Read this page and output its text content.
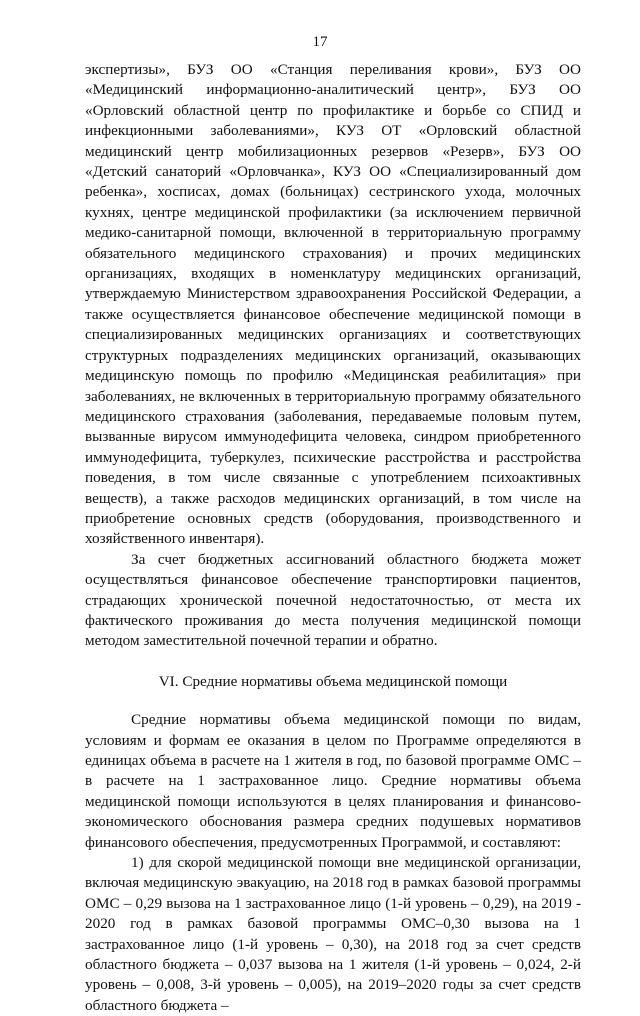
17

экспертизы», БУЗ ОО «Станция переливания крови», БУЗ ОО «Медицинский информационно-аналитический центр», БУЗ ОО «Орловский областной центр по профилактике и борьбе со СПИД и инфекционными заболеваниями», КУЗ ОТ «Орловский областной медицинский центр мобилизационных резервов «Резерв», БУЗ ОО «Детский санаторий «Орловчанка», КУЗ ОО «Специализированный дом ребенка», хосписах, домах (больницах) сестринского ухода, молочных кухнях, центре медицинской профилактики (за исключением первичной медико-санитарной помощи, включенной в территориальную программу обязательного медицинского страхования) и прочих медицинских организациях, входящих в номенклатуру медицинских организаций, утверждаемую Министерством здравоохранения Российской Федерации, а также осуществляется финансовое обеспечение медицинской помощи в специализированных медицинских организациях и соответствующих структурных подразделениях медицинских организаций, оказывающих медицинскую помощь по профилю «Медицинская реабилитация» при заболеваниях, не включенных в территориальную программу обязательного медицинского страхования (заболевания, передаваемые половым путем, вызванные вирусом иммунодефицита человека, синдром приобретенного иммунодефицита, туберкулез, психические расстройства и расстройства поведения, в том числе связанные с употреблением психоактивных веществ), а также расходов медицинских организаций, в том числе на приобретение основных средств (оборудования, производственного и хозяйственного инвентаря).

За счет бюджетных ассигнований областного бюджета может осуществляться финансовое обеспечение транспортировки пациентов, страдающих хронической почечной недостаточностью, от места их фактического проживания до места получения медицинской помощи методом заместительной почечной терапии и обратно.

VI. Средние нормативы объема медицинской помощи

Средние нормативы объема медицинской помощи по видам, условиям и формам ее оказания в целом по Программе определяются в единицах объема в расчете на 1 жителя в год, по базовой программе ОМС – в расчете на 1 застрахованное лицо. Средние нормативы объема медицинской помощи используются в целях планирования и финансово-экономического обоснования размера средних подушевых нормативов финансового обеспечения, предусмотренных Программой, и составляют:

1) для скорой медицинской помощи вне медицинской организации, включая медицинскую эвакуацию, на 2018 год в рамках базовой программы ОМС – 0,29 вызова на 1 застрахованное лицо (1-й уровень – 0,29), на 2019 - 2020 год в рамках базовой программы ОМС–0,30 вызова на 1 застрахованное лицо (1-й уровень – 0,30), на 2018 год за счет средств областного бюджета – 0,037 вызова на 1 жителя (1-й уровень – 0,024, 2-й уровень – 0,008, 3-й уровень – 0,005), на 2019–2020 годы за счет средств областного бюджета –
